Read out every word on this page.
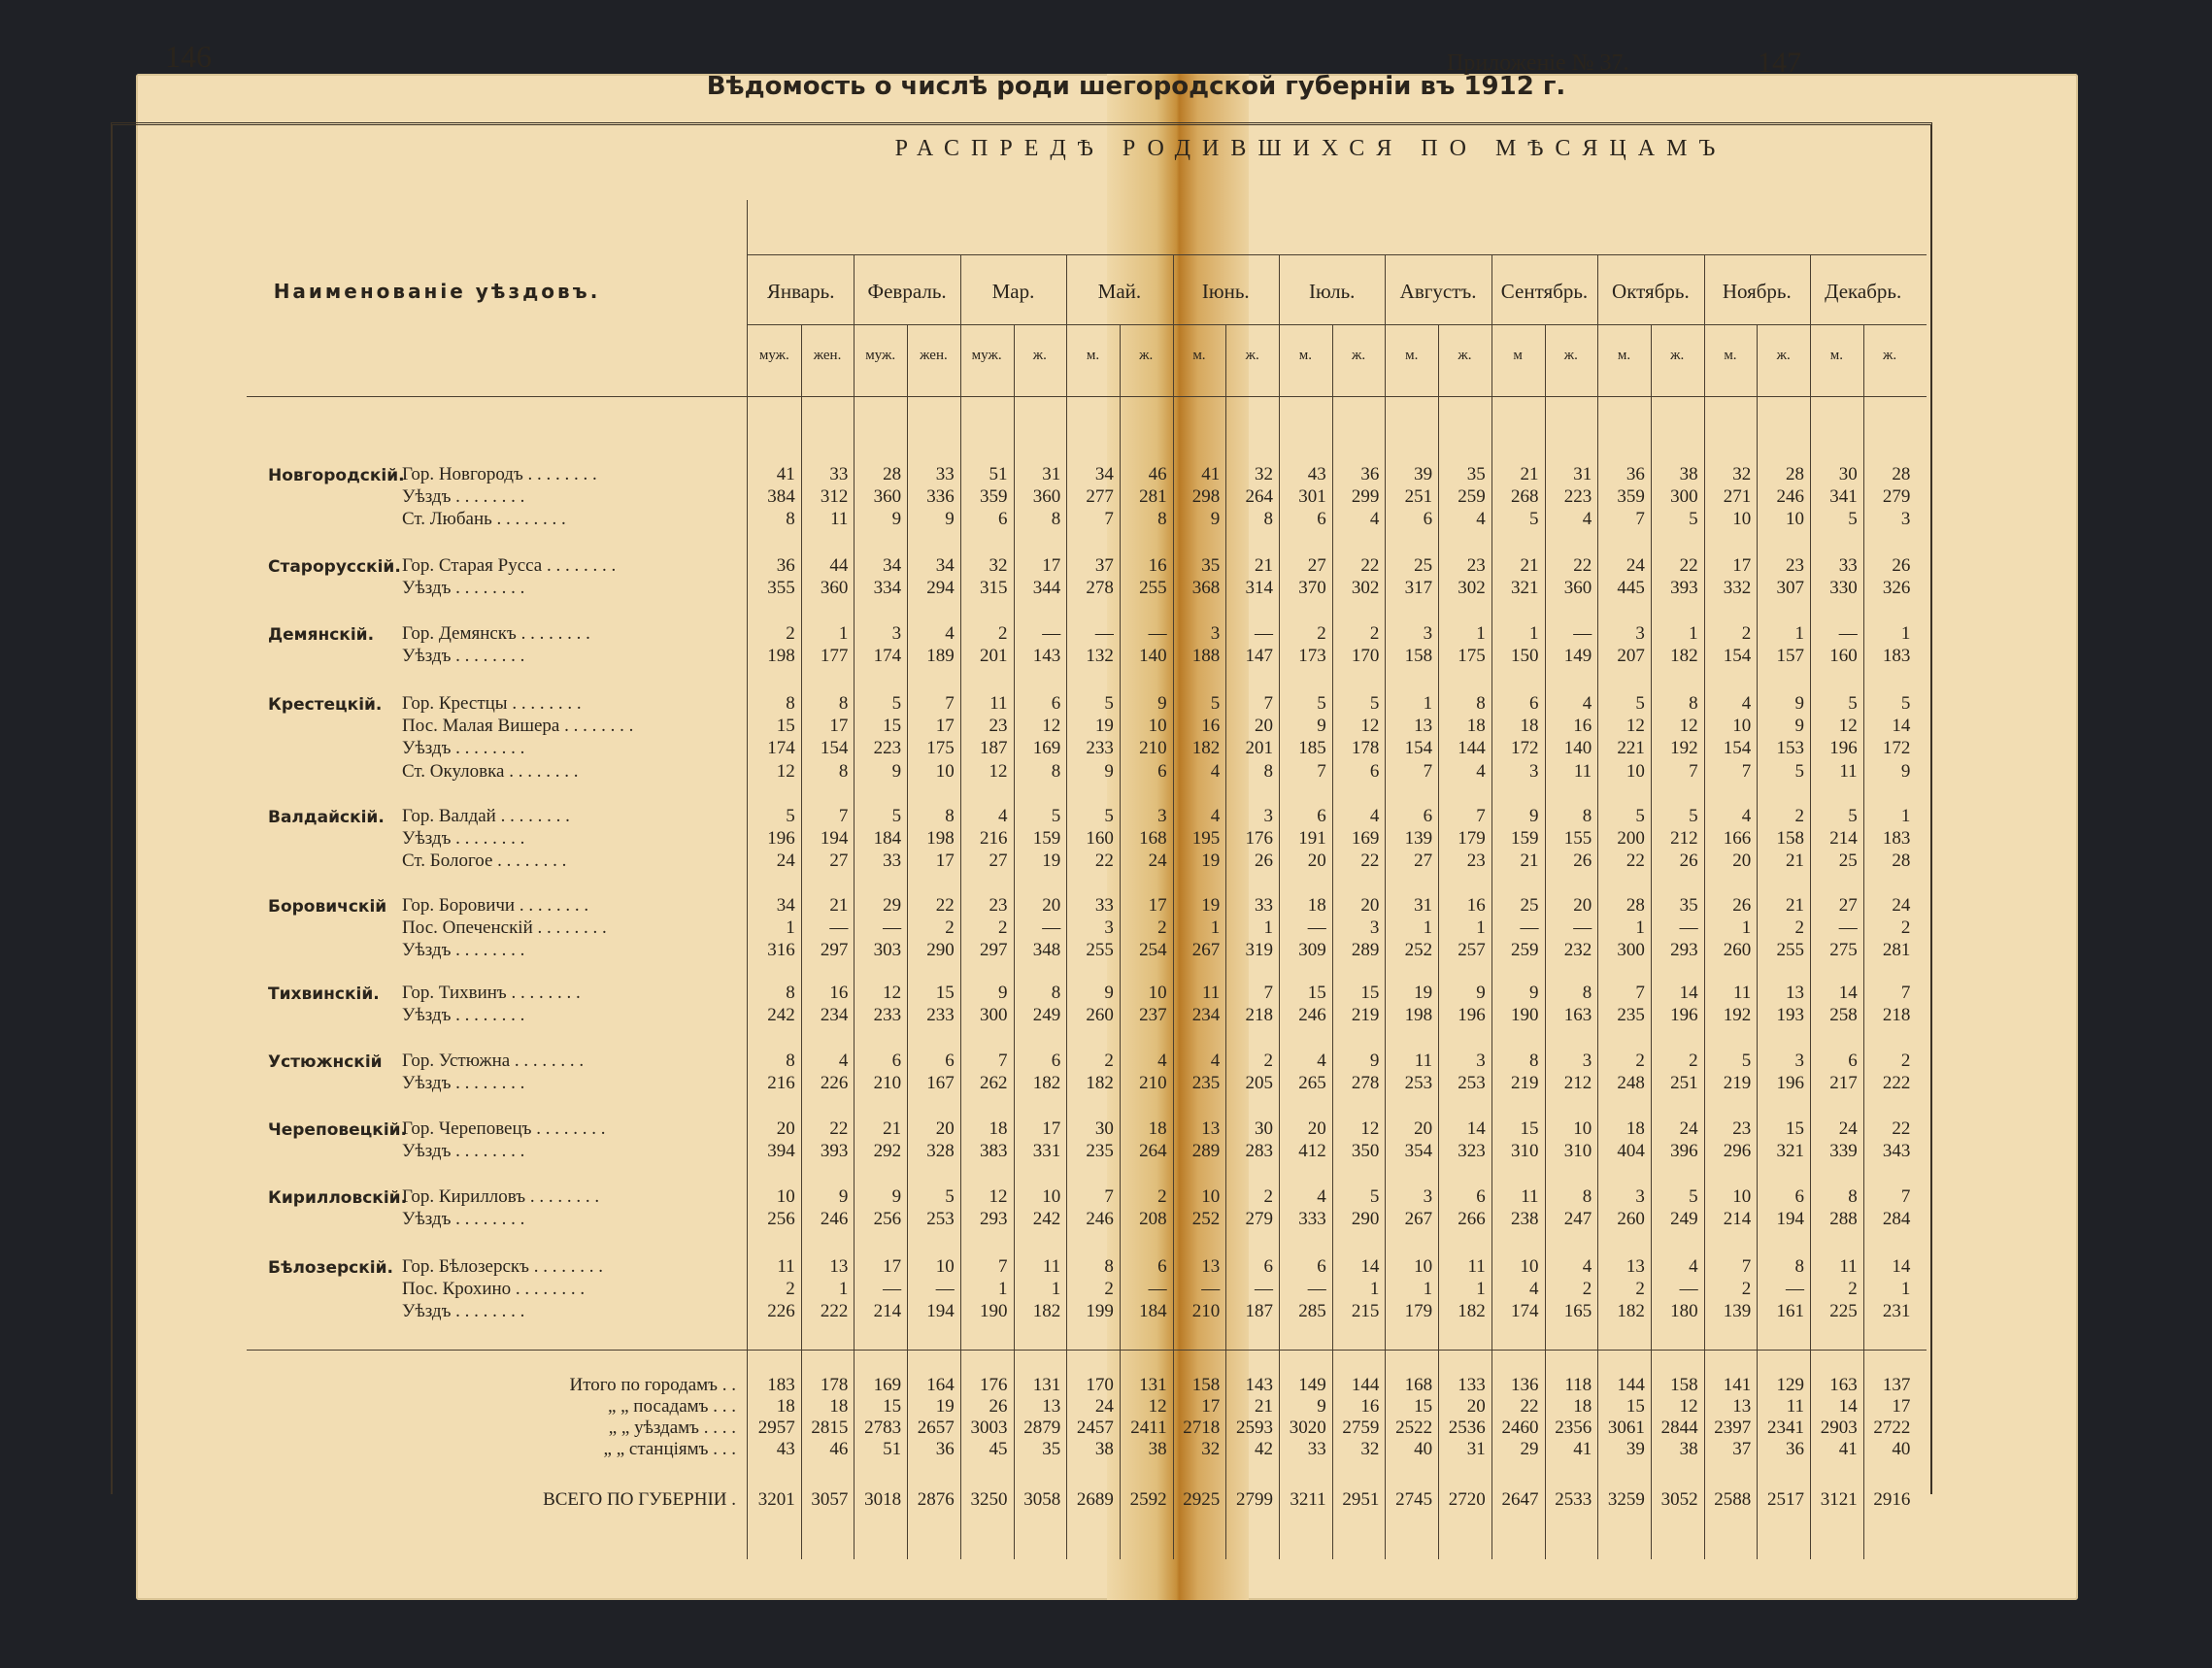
146	147
Приложеніе № 37.
Вѣдомость о числѣ роди шегородской губерніи въ 1912 г.
РАСПРЕДѢ РОДИВШИХСЯ ПО МѢСЯЦАМЪ
Наименованіе уѣздовъ.	Январь.	Февраль.	Мар.	Май.	Іюнь.	Іюль.	Августъ.	Сентябрь.	Октябрь.	Ноябрь.	Декабрь.
муж.	жен.	муж.	жен.	муж.	ж.	м.	ж.	м.	ж.	м.	ж.	м.	ж.	м	ж.	м.	ж.	м.	ж.	м.	ж.
Новгородскій.
Гор. Новгородъ . . . . . . . .	41	33	28	33	51	31	34	46	41	32	43	36	39	35	21	31	36	38	32	28	30	28
Уѣздъ . . . . . . . .	384	312	360	336	359	360	277	281	298	264	301	299	251	259	268	223	359	300	271	246	341	279
Ст. Любань . . . . . . . .	8	11	9	9	6	8	7	8	9	8	6	4	6	4	5	4	7	5	10	10	5	3
Старорусскій. Гор. Старая Русса . . . . . . . .	36	44	34	34	32	17	37	16	35	21	27	22	25	23	21	22	24	22	17	23	33	26
Уѣздъ . . . . . . . .	355	360	334	294	315	344	278	255	368	314	370	302	317	302	321	360	445	393	332	307	330	326
Демянскій. Гор. Демянскъ . . . . . . . .	2	1	3	4	2	—	—	—	3	—	2	2	3	1	1	—	3	1	2	1	—	1
Уѣздъ . . . . . . . .	198	177	174	189	201	143	132	140	188	147	173	170	158	175	150	149	207	182	154	157	160	183
Крестецкій. Гор. Крестцы . . . . . . . .	8	8	5	7	11	6	5	9	5	7	5	5	1	8	6	4	5	8	4	9	5	5
Пос. Малая Вишера . . . . . . . .	15	17	15	17	23	12	19	10	16	20	9	12	13	18	18	16	12	12	10	9	12	14
Уѣздъ . . . . . . . .	174	154	223	175	187	169	233	210	182	201	185	178	154	144	172	140	221	192	154	153	196	172
Ст. Окуловка . . . . . . . .	12	8	9	10	12	8	9	6	4	8	7	6	7	4	3	11	10	7	7	5	11	9
Валдайскій. Гор. Валдай . . . . . . . .	5	7	5	8	4	5	5	3	4	3	6	4	6	7	9	8	5	5	4	2	5	1
Уѣздъ . . . . . . . .	196	194	184	198	216	159	160	168	195	176	191	169	139	179	159	155	200	212	166	158	214	183
Ст. Бологое . . . . . . . .	24	27	33	17	27	19	22	24	19	26	20	22	27	23	21	26	22	26	20	21	25	28
Боровичскій Гор. Боровичи . . . . . . . .	34	21	29	22	23	20	33	17	19	33	18	20	31	16	25	20	28	35	26	21	27	24
Пос. Опеченскій . . . . . . . .	1	—	—	2	2	—	3	2	1	1	—	3	1	1	—	—	1	—	1	2	—	2
Уѣздъ . . . . . . . .	316	297	303	290	297	348	255	254	267	319	309	289	252	257	259	232	300	293	260	255	275	281
Тихвинскій. Гор. Тихвинъ . . . . . . . .	8	16	12	15	9	8	9	10	11	7	15	15	19	9	9	8	7	14	11	13	14	7
Уѣздъ . . . . . . . .	242	234	233	233	300	249	260	237	234	218	246	219	198	196	190	163	235	196	192	193	258	218
Устюжнскій Гор. Устюжна . . . . . . . .	8	4	6	6	7	6	2	4	4	2	4	9	11	3	8	3	2	2	5	3	6	2
Уѣздъ . . . . . . . .	216	226	210	167	262	182	182	210	235	205	265	278	253	253	219	212	248	251	219	196	217	222
Череповецкій.
Гор. Череповецъ . . . . . . . .	20	22	21	20	18	17	30	18	13	30	20	12	20	14	15	10	18	24	23	15	24	22
Уѣздъ . . . . . . . .	394	393	292	328	383	331	235	264	289	283	412	350	354	323	310	310	404	396	296	321	339	343
Кирилловскій.
Гор. Кирилловъ . . . . . . . .	10	9	9	5	12	10	7	2	10	2	4	5	3	6	11	8	3	5	10	6	8	7
Уѣздъ . . . . . . . .	256	246	256	253	293	242	246	208	252	279	333	290	267	266	238	247	260	249	214	194	288	284
Бѣлозерскій. Гор. Бѣлозерскъ . . . . . . . .	11	13	17	10	7	11	8	6	13	6	6	14	10	11	10	4	13	4	7	8	11	14
Пос. Крохино . . . . . . . .	2	1	—	—	1	1	2	—	—	—	—	1	1	1	4	2	2	—	2	—	2	1
Уѣздъ . . . . . . . .	226	222	214	194	190	182	199	184	210	187	285	215	179	182	174	165	182	180	139	161	225	231
Итого по городамъ . .	183	178	169	164	176	131	170	131	158	143	149	144	168	133	136	118	144	158	141	129	163	137
„ „ посадамъ . . .	18	18	15	19	26	13	24	12	17	21	9	16	15	20	22	18	15	12	13	11	14	17
„ „ уѣздамъ . . . .	2957 2815 2783 2657 3003 2879 2457 2411 2718 2593 3020 2759 2522 2536 2460 2356 3061 2844 2397 2341 2903 2722
„ „ станціямъ . . .	43	46	51	36	45	35	38	38	32	42	33	32	40	31	29	41	39	38	37	36	41	40
ВСЕГО ПО ГУБЕРНІИ .	3201 3057 3018 2876 3250 3058 2689 2592 2925 2799 3211 2951 2745 2720 2647 2533 3259 3052 2588 2517 3121 2916
